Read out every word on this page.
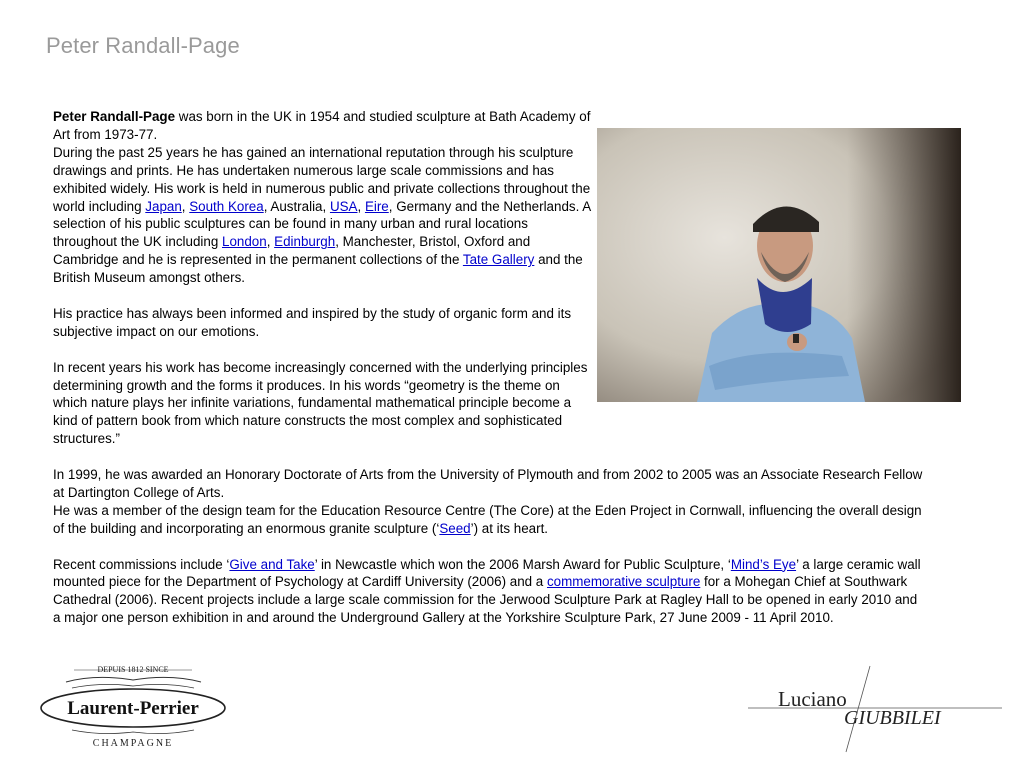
Peter Randall-Page

Peter Randall-Page was born in the UK in 1954 and studied sculpture at Bath Academy of Art from 1973-77.

During the past 25 years he has gained an international reputation through his sculpture drawings and prints. He has undertaken numerous large scale commissions and has exhibited widely. His work is held in numerous public and private collections throughout the world including Japan, South Korea, Australia, USA, Eire, Germany and the Netherlands. A selection of his public sculptures can be found in many urban and rural locations throughout the UK including London, Edinburgh, Manchester, Bristol, Oxford and Cambridge and he is represented in the permanent collections of the Tate Gallery and the British Museum amongst others.

His practice has always been informed and inspired by the study of organic form and its subjective impact on our emotions.

In recent years his work has become increasingly concerned with the underlying principles determining growth and the forms it produces. In his words “geometry is the theme on which nature plays her infinite variations, fundamental mathematical principle become a kind of pattern book from which nature constructs the most complex and sophisticated structures.”

In 1999, he was awarded an Honorary Doctorate of Arts from the University of Plymouth and from 2002 to 2005 was an Associate Research Fellow at Dartington College of Arts.

He was a member of the design team for the Education Resource Centre (The Core) at the Eden Project in Cornwall, influencing the overall design of the building and incorporating an enormous granite sculpture (‘Seed’) at its heart.

Recent commissions include ‘Give and Take’ in Newcastle which won the 2006 Marsh Award for Public Sculpture, ‘Mind’s Eye’ a large ceramic wall mounted piece for the Department of Psychology at Cardiff University (2006) and a commemorative sculpture for a Mohegan Chief at Southwark Cathedral (2006). Recent projects include a large scale commission for the Jerwood Sculpture Park at Ragley Hall to be opened in early 2010 and a major one person exhibition in and around the Underground Gallery at the Yorkshire Sculpture Park, 27 June 2009 - 11 April 2010.

DEPUIS 1812 SINCE
Laurent-Perrier
CHAMPAGNE
Luciano
GIUBBILEI
